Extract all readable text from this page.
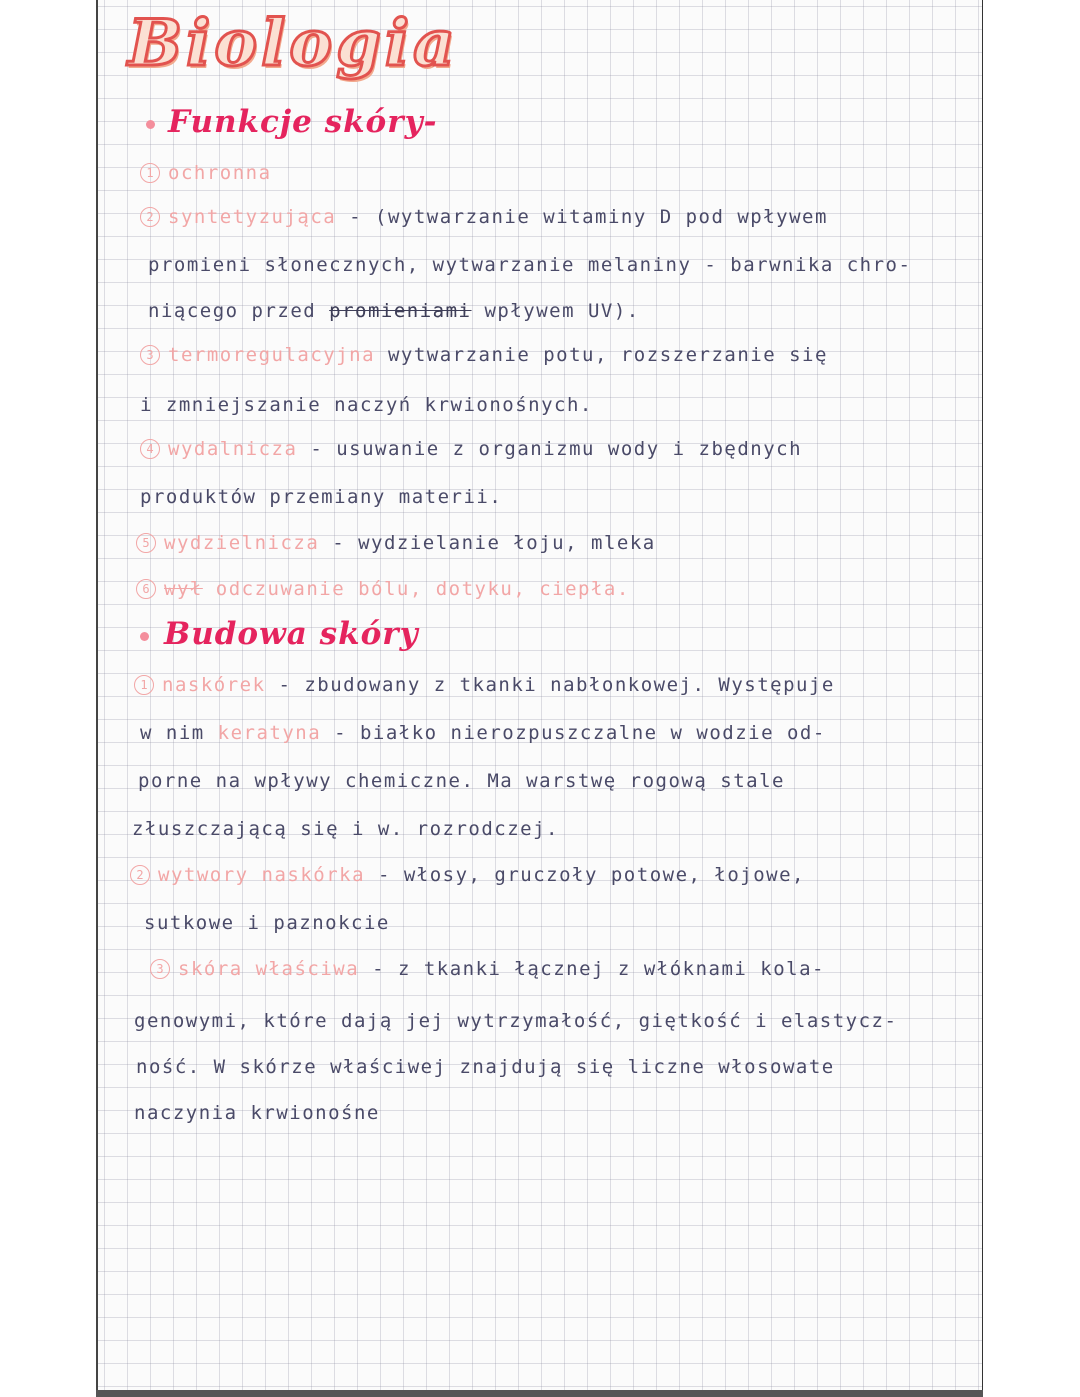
Biologia
Funkcje skóry-
1 ochronna
2 syntetyzująca - (wytwarzanie witaminy D pod wpływem
promieni słonecznych, wytwarzanie melaniny - barwnika chro-
niącego przed promieniami wpływem UV).
3 termoregulacyjna wytwarzanie potu, rozszerzanie się
i zmniejszanie naczyń krwionośnych.
4 wydalnicza - usuwanie z organizmu wody i zbędnych
produktów przemiany materii.
5 wydzielnicza - wydzielanie łoju, mleka
6 wył odczuwanie bólu, dotyku, ciepła.
Budowa skóry
1 naskórek - zbudowany z tkanki nabłonkowej. Występuje
w nim keratyna - białko nierozpuszczalne w wodzie od-
porne na wpływy chemiczne. Ma warstwę rogową stale
złuszczającą się i w. rozrodczej.
2 wytwory naskórka - włosy, gruczoły potowe, łojowe,
sutkowe i paznokcie
3 skóra właściwa - z tkanki łącznej z włóknami kola-
genowymi, które dają jej wytrzymałość, giętkość i elastycz-
ność. W skórze właściwej znajdują się liczne włosowate
naczynia krwionośne
